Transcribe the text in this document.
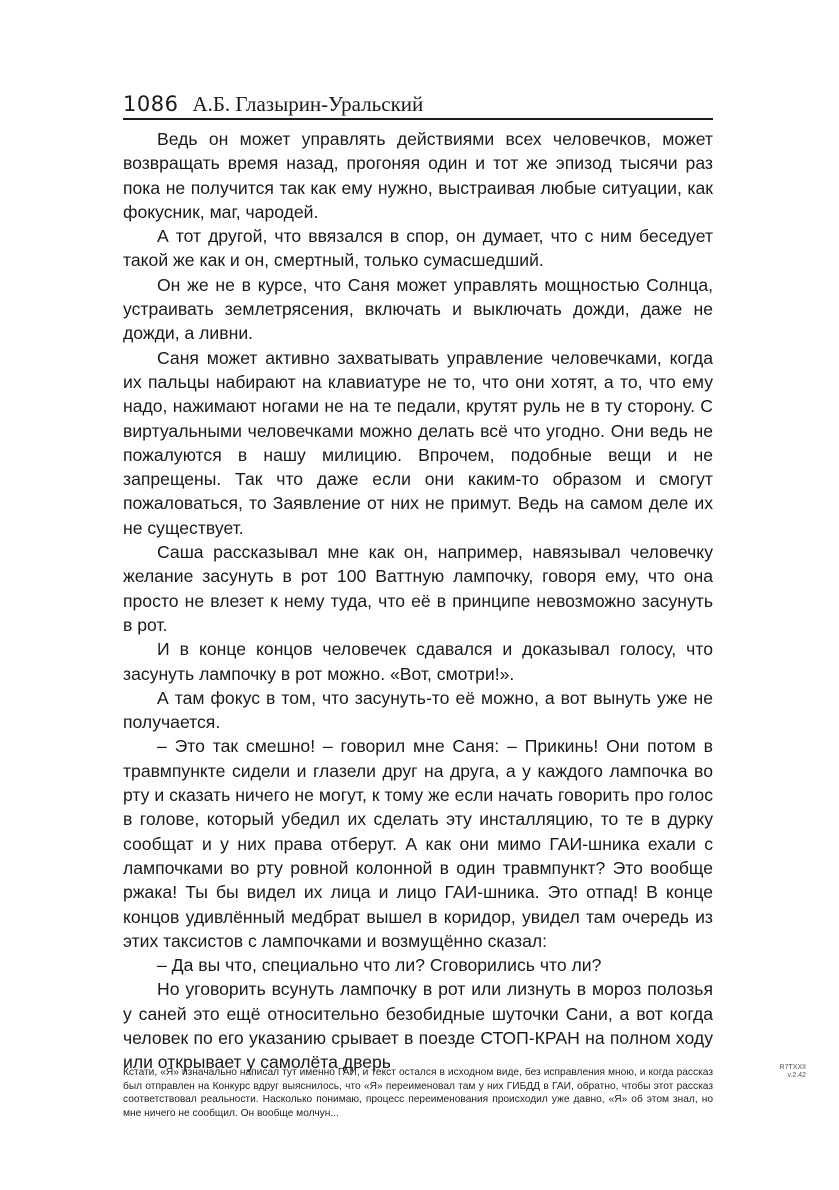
1086 А.Б. Глазырин-Уральский

Ведь он может управлять действиями всех человечков, может возвращать время назад, прогоняя один и тот же эпизод тысячи раз пока не получится так как ему нужно, выстраивая любые ситуации, как фокусник, маг, чародей.

А тот другой, что ввязался в спор, он думает, что с ним беседует такой же как и он, смертный, только сумасшедший.

Он же не в курсе, что Саня может управлять мощностью Солнца, устраивать землетрясения, включать и выключать дожди, даже не дожди, а ливни.

Саня может активно захватывать управление человечками, когда их пальцы набирают на клавиатуре не то, что они хотят, а то, что ему надо, нажимают ногами не на те педали, крутят руль не в ту сторону. С виртуальными человечками можно делать всё что угодно. Они ведь не пожалуются в нашу милицию. Впрочем, подобные вещи и не запрещены. Так что даже если они каким-то образом и смогут пожаловаться, то Заявление от них не примут. Ведь на самом деле их не существует.

Саша рассказывал мне как он, например, навязывал человечку желание засунуть в рот 100 Ваттную лампочку, говоря ему, что она просто не влезет к нему туда, что её в принципе невозможно засунуть в рот.

И в конце концов человечек сдавался и доказывал голосу, что засунуть лампочку в рот можно. «Вот, смотри!».

А там фокус в том, что засунуть-то её можно, а вот вынуть уже не получается.

– Это так смешно! – говорил мне Саня: – Прикинь! Они потом в травмпункте сидели и глазели друг на друга, а у каждого лампочка во рту и сказать ничего не могут, к тому же если начать говорить про голос в голове, который убедил их сделать эту инсталляцию, то те в дурку сообщат и у них права отберут. А как они мимо ГАИ-шника ехали с лампочками во рту ровной колонной в один травмпункт? Это вообще ржака! Ты бы видел их лица и лицо ГАИ-шника. Это отпад! В конце концов удивлённый медбрат вышел в коридор, увидел там очередь из этих таксистов с лампочками и возмущённо сказал:

– Да вы что, специально что ли? Сговорились что ли?

Но уговорить всунуть лампочку в рот или лизнуть в мороз полозья у саней это ещё относительно безобидные шуточки Сани, а вот когда человек по его указанию срывает в поезде СТОП-КРАН на полном ходу или открывает у самолёта дверь

Кстати, «Я» изначально написал тут именно ГАИ, и текст остался в исходном виде, без исправления мною, и когда рассказ был отправлен на Конкурс вдруг выяснилось, что «Я» переименовал там у них ГИБДД в ГАИ, обратно, чтобы этот рассказ соответствовал реальности. Насколько понимаю, процесс переименования происходил уже давно, «Я» об этом знал, но мне ничего не сообщил. Он вообще молчун...
R7TXXII
v.2.42
